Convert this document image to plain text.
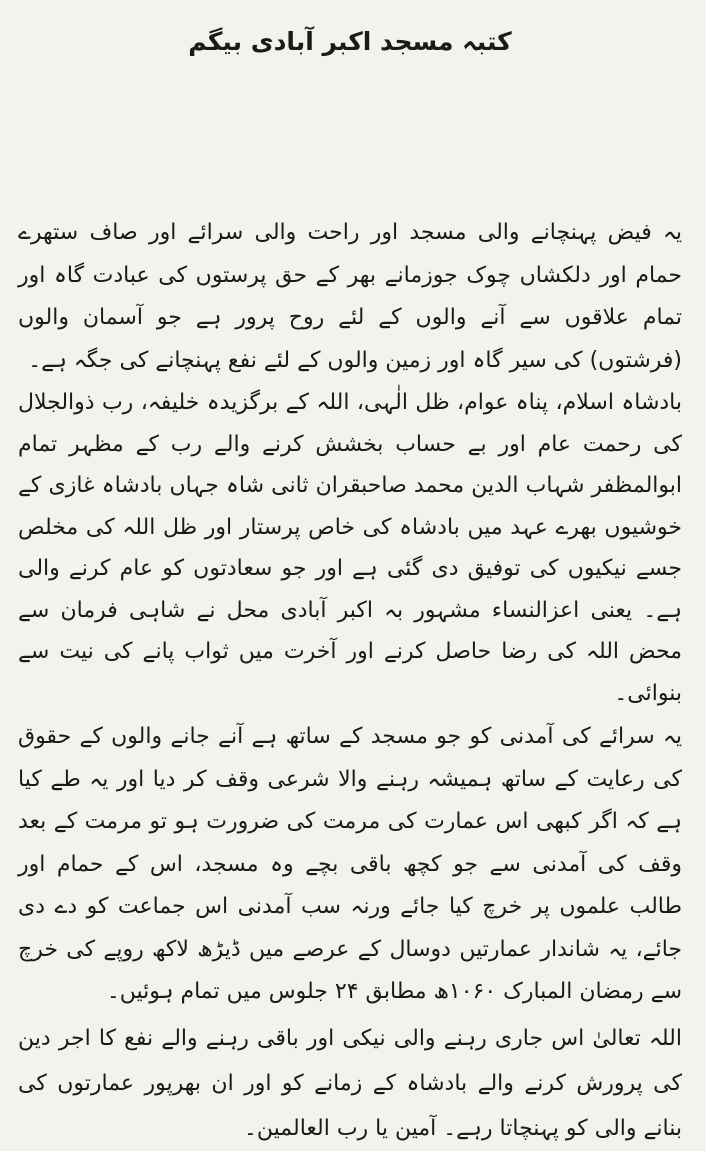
کتبہ مسجد اکبر آبادی بیگم

یہ فیض پہنچانے والی مسجد اور راحت والی سرائے اور صاف ستھرے حمام اور دلکشاں چوک جوزمانے بھر کے حق پرستوں کی عبادت گاہ اور تمام علاقوں سے آنے والوں کے لئے روح پرور ہے جو آسمان والوں (فرشتوں) کی سیر گاہ اور زمین والوں کے لئے نفع پہنچانے کی جگہ ہے۔

بادشاہ اسلام، پناہ عوام، ظل الٰہی، اللہ کے برگزیدہ خلیفہ، رب ذوالجلال کی رحمت عام اور بے حساب بخشش کرنے والے رب کے مظہر تمام ابوالمظفر شہاب الدین محمد صاحبقران ثانی شاہ جہاں بادشاہ غازی کے خوشیوں بھرے عہد میں بادشاہ کی خاص پرستار اور ظل اللہ کی مخلص جسے نیکیوں کی توفیق دی گئی ہے اور جو سعادتوں کو عام کرنے والی ہے۔ یعنی اعزالنساء مشہور بہ اکبر آبادی محل نے شاہی فرمان سے محض اللہ کی رضا حاصل کرنے اور آخرت میں ثواب پانے کی نیت سے بنوائی۔

یہ سرائے کی آمدنی کو جو مسجد کے ساتھ ہے آنے جانے والوں کے حقوق کی رعایت کے ساتھ ہمیشہ رہنے والا شرعی وقف کر دیا اور یہ طے کیا ہے کہ اگر کبھی اس عمارت کی مرمت کی ضرورت ہو تو مرمت کے بعد وقف کی آمدنی سے جو کچھ باقی بچے وہ مسجد، اس کے حمام اور طالب علموں پر خرچ کیا جائے ورنہ سب آمدنی اس جماعت کو دے دی جائے، یہ شاندار عمارتیں دوسال کے عرصے میں ڈیڑھ لاکھ روپے کی خرچ سے رمضان المبارک ۱۰۶۰ھ مطابق ۲۴ جلوس میں تمام ہوئیں۔

اللہ تعالیٰ اس جاری رہنے والی نیکی اور باقی رہنے والے نفع کا اجر دین کی پرورش کرنے والے بادشاہ کے زمانے کو اور ان بھرپور عمارتوں کی بنانے والی کو پہنچاتا رہے۔ آمین یا رب العالمین۔
